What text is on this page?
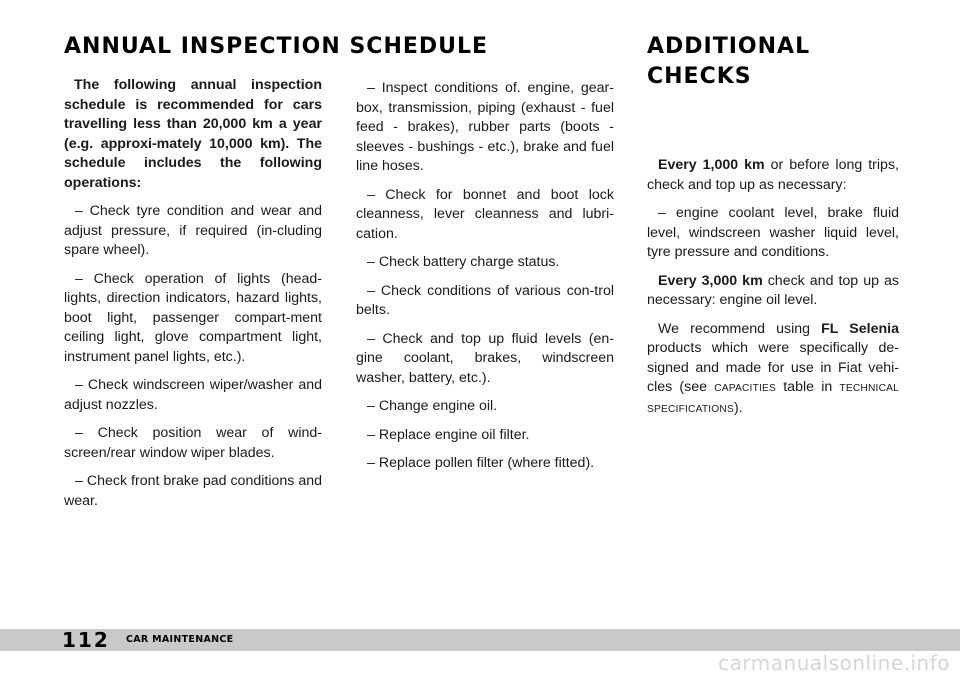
ANNUAL INSPECTION SCHEDULE

The following annual inspection schedule is recommended for cars travelling less than 20,000 km a year (e.g. approxi-mately 10,000 km). The schedule includes the following operations:

– Check tyre condition and wear and adjust pressure, if required (in-cluding spare wheel).

– Check operation of lights (head-lights, direction indicators, hazard lights, boot light, passenger compart-ment ceiling light, glove compartment light, instrument panel lights, etc.).

– Check windscreen wiper/washer and adjust nozzles.

– Check position wear of wind-screen/rear window wiper blades.

– Check front brake pad conditions and wear.

– Inspect conditions of. engine, gear-box, transmission, piping (exhaust - fuel feed - brakes), rubber parts (boots - sleeves - bushings - etc.), brake and fuel line hoses.

– Check for bonnet and boot lock cleanness, lever cleanness and lubri-cation.

– Check battery charge status.

– Check conditions of various con-trol belts.

– Check and top up fluid levels (en-gine coolant, brakes, windscreen washer, battery, etc.).

– Change engine oil.

– Replace engine oil filter.

– Replace pollen filter (where fitted).

ADDITIONAL
CHECKS

Every 1,000 km or before long trips, check and top up as necessary:

– engine coolant level, brake fluid level, windscreen washer liquid level, tyre pressure and conditions.

Every 3,000 km check and top up as necessary: engine oil level.

We recommend using FL Selenia products which were specifically de-signed and made for use in Fiat vehi-cles (see CAPACITIES table in TECHNICAL SPECIFICATIONS).

112 CAR MAINTENANCE
carmanualsonline.info
